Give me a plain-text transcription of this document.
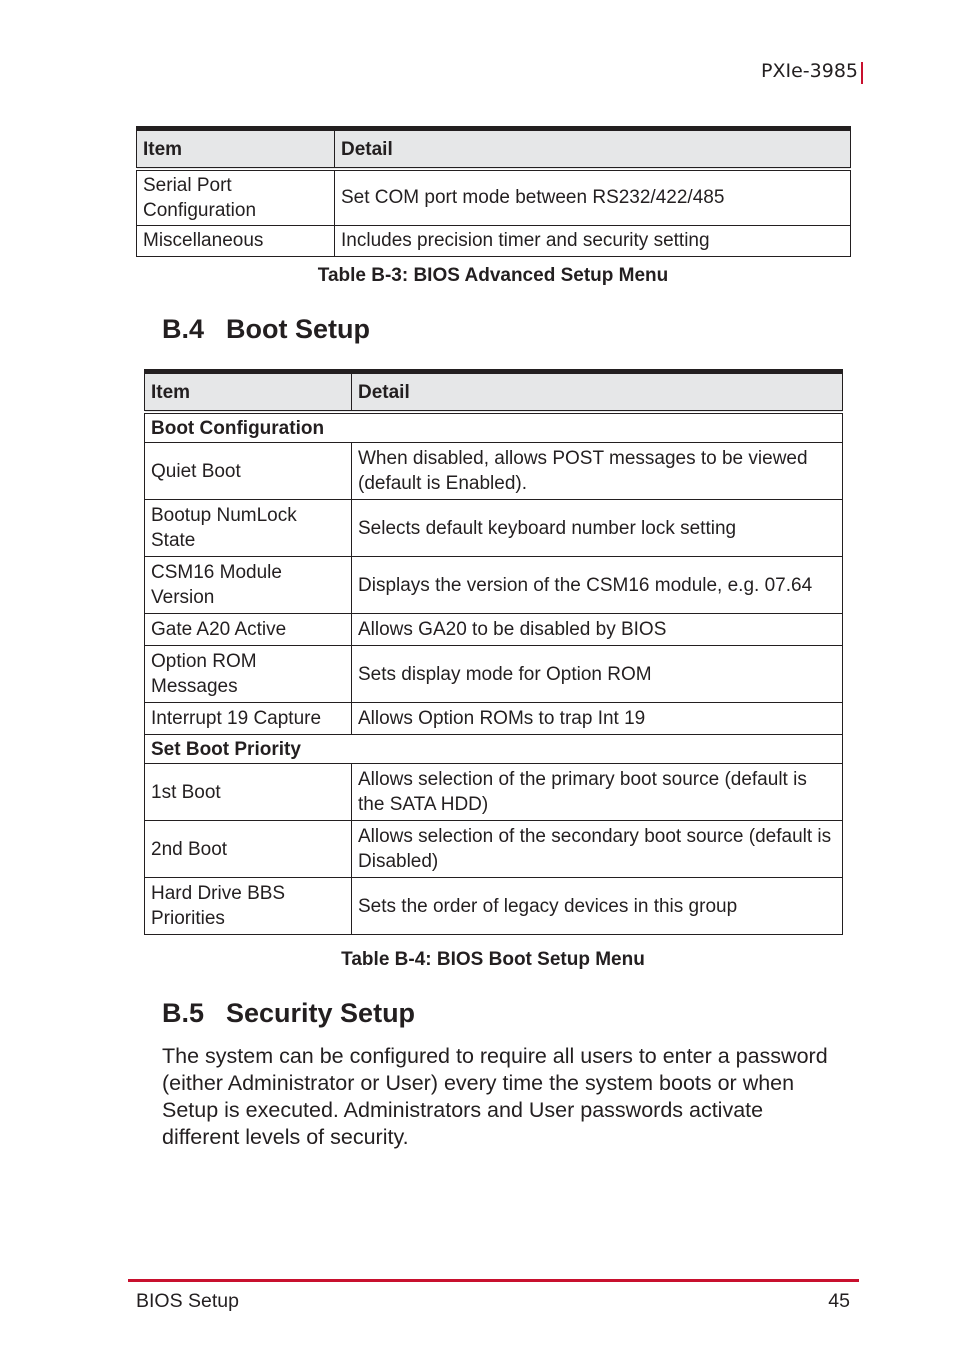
PXIe-3985
Item	Detail
Serial Port Configuration	Set COM port mode between RS232/422/485
Miscellaneous	Includes precision timer and security setting
Table B-3: BIOS Advanced Setup Menu
B.4 Boot Setup
Item	Detail
Boot Configuration	
Quiet Boot	When disabled, allows POST messages to be viewed (default is Enabled).
Bootup NumLock State	Selects default keyboard number lock setting
CSM16 Module Version	Displays the version of the CSM16 module, e.g. 07.64
Gate A20 Active	Allows GA20 to be disabled by BIOS
Option ROM Messages	Sets display mode for Option ROM
Interrupt 19 Capture	Allows Option ROMs to trap Int 19
Set Boot Priority	
1st Boot	Allows selection of the primary boot source (default is the SATA HDD)
2nd Boot	Allows selection of the secondary boot source (default is Disabled)
Hard Drive BBS Priorities	Sets the order of legacy devices in this group
Table B-4: BIOS Boot Setup Menu
B.5 Security Setup

The system can be configured to require all users to enter a password (either Administrator or User) every time the system boots or when Setup is executed. Administrators and User passwords activate different levels of security.

BIOS Setup	45
